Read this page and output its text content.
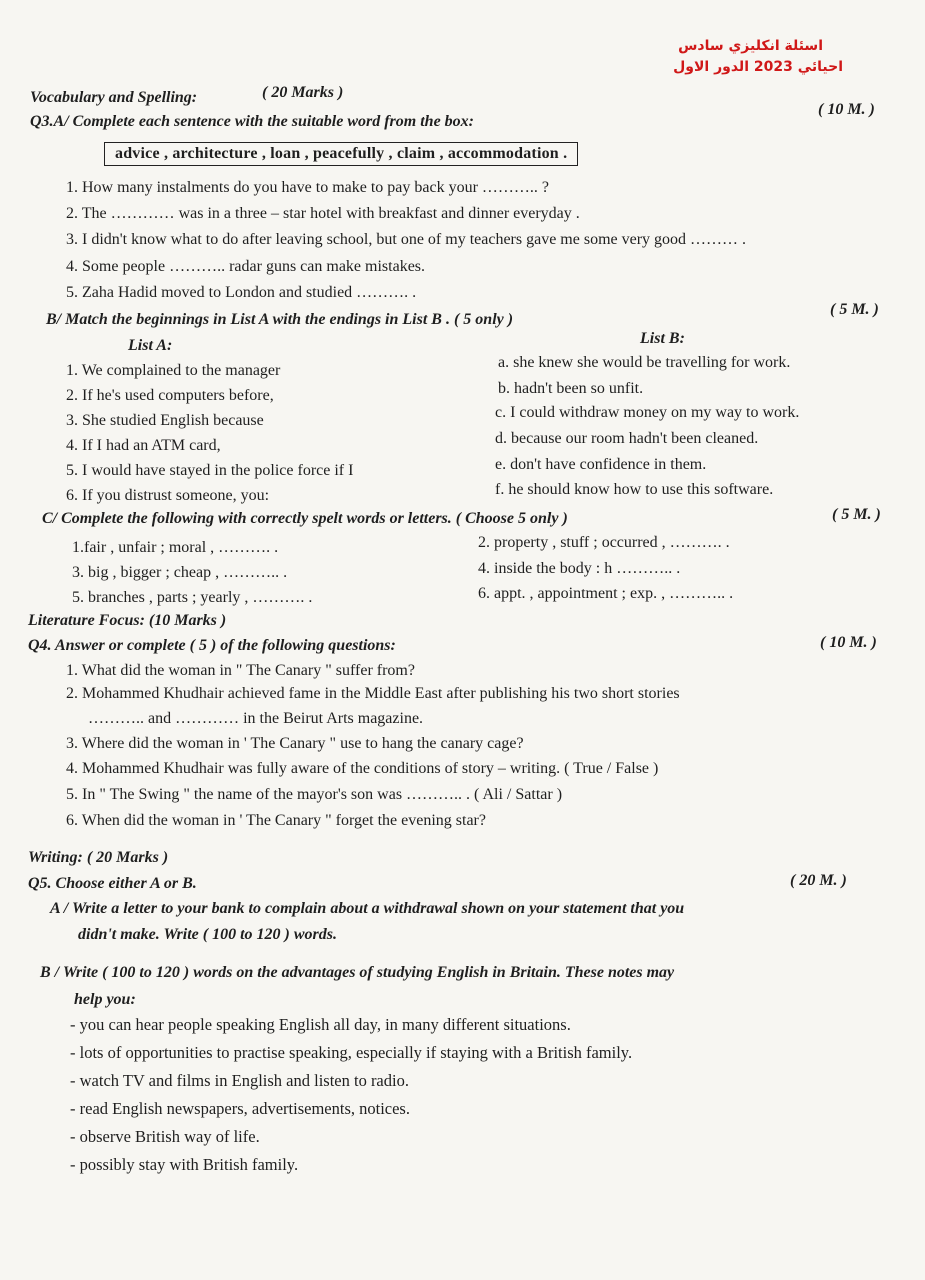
اسئلة انكليزي سادس
احيائي 2023 الدور الاول
Vocabulary and Spelling:	( 20 Marks )
Q3.A/ Complete each sentence with the suitable word from the box:
( 10 M. )
advice , architecture , loan , peacefully , claim , accommodation .
1. How many instalments do you have to make to pay back your ……….. ?
2. The ………… was in a three – star hotel with breakfast and dinner everyday .
3. I didn't know what to do after leaving school, but one of my teachers gave me some very good ……… .
4. Some people ……….. radar guns can make mistakes.
5. Zaha Hadid moved to London and studied ………. .
B/ Match the beginnings in List A with the endings in List B . ( 5 only )
( 5 M. )
List A:	List B:
1. We complained to the manager
2. If he's used computers before,
3. She studied English because
4. If I had an ATM card,
5. I would have stayed in the police force if I
6. If you distrust someone, you:
a. she knew she would be travelling for work.
b. hadn't been so unfit.
c. I could withdraw money on my way to work.
d. because our room hadn't been cleaned.
e. don't have confidence in them.
f. he should know how to use this software.
C/ Complete the following with correctly spelt words or letters. ( Choose 5 only )	( 5 M. )
1.fair , unfair ; moral , ………. .
3. big , bigger ; cheap , ……….. .
5. branches , parts ; yearly , ………. .
2. property , stuff ; occurred , ………. .
4. inside the body : h ……….. .
6. appt. , appointment ; exp. , ……….. .
Literature Focus: (10 Marks )
Q4. Answer or complete ( 5 ) of the following questions:	( 10 M. )
1. What did the woman in " The Canary " suffer from?
2. Mohammed Khudhair achieved fame in the Middle East after publishing his two short stories
……….. and ………… in the Beirut Arts magazine.
3. Where did the woman in ' The Canary " use to hang the canary cage?
4. Mohammed Khudhair was fully aware of the conditions of story – writing. ( True / False )
5. In " The Swing " the name of the mayor's son was ……….. . ( Ali / Sattar )
6. When did the woman in ' The Canary " forget the evening star?
Writing: ( 20 Marks )
Q5. Choose either A or B.	( 20 M. )
A / Write a letter to your bank to complain about a withdrawal shown on your statement that you
didn't make. Write ( 100 to 120 ) words.
B / Write ( 100 to 120 ) words on the advantages of studying English in Britain. These notes may
help you:
- you can hear people speaking English all day, in many different situations.
- lots of opportunities to practise speaking, especially if staying with a British family.
- watch TV and films in English and listen to radio.
- read English newspapers, advertisements, notices.
- observe British way of life.
- possibly stay with British family.
